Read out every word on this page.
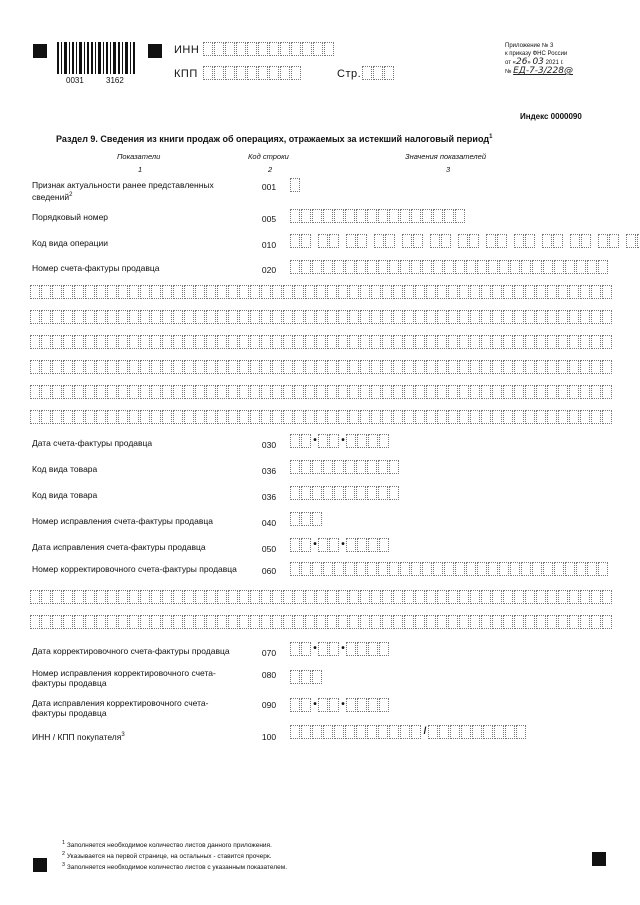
0031	3162
ИНН
КПП	Стр.
Приложение № 3
к приказу ФНС России
от «26» 03 2021 г.
№ ЕД-7-3/228@
Индекс 0000090
Раздел 9. Сведения из книги продаж об операциях, отражаемых за истекший налоговый период$^1$
Показатели	Код строки	Значения показателей
1	2	3
$^1$ Заполняется необходимое количество листов данного приложения.
$^2$ Указывается на первой странице, на остальных - ставится прочерк.
$^3$ Заполняется необходимое количество листов с указанным показателем.
Признак актуальности ранее представленных сведений$^2$
001
Порядковый номер	005
Код вида операции	010
Номер счета-фактуры продавца	020
Дата счета-фактуры продавца	030	• •
Код вида товара	036
Код вида товара	036
Номер исправления счета-фактуры продавца	040
Дата исправления счета-фактуры продавца	050	• •
Номер корректировочного счета-фактуры продавца	060
Дата корректировочного счета-фактуры продавца	070	• •
Номер исправления корректировочного счета-фактуры продавца
080
Дата исправления корректировочного счета-фактуры продавца
090	• •
ИНН / КПП покупателя$^3$	100	/
